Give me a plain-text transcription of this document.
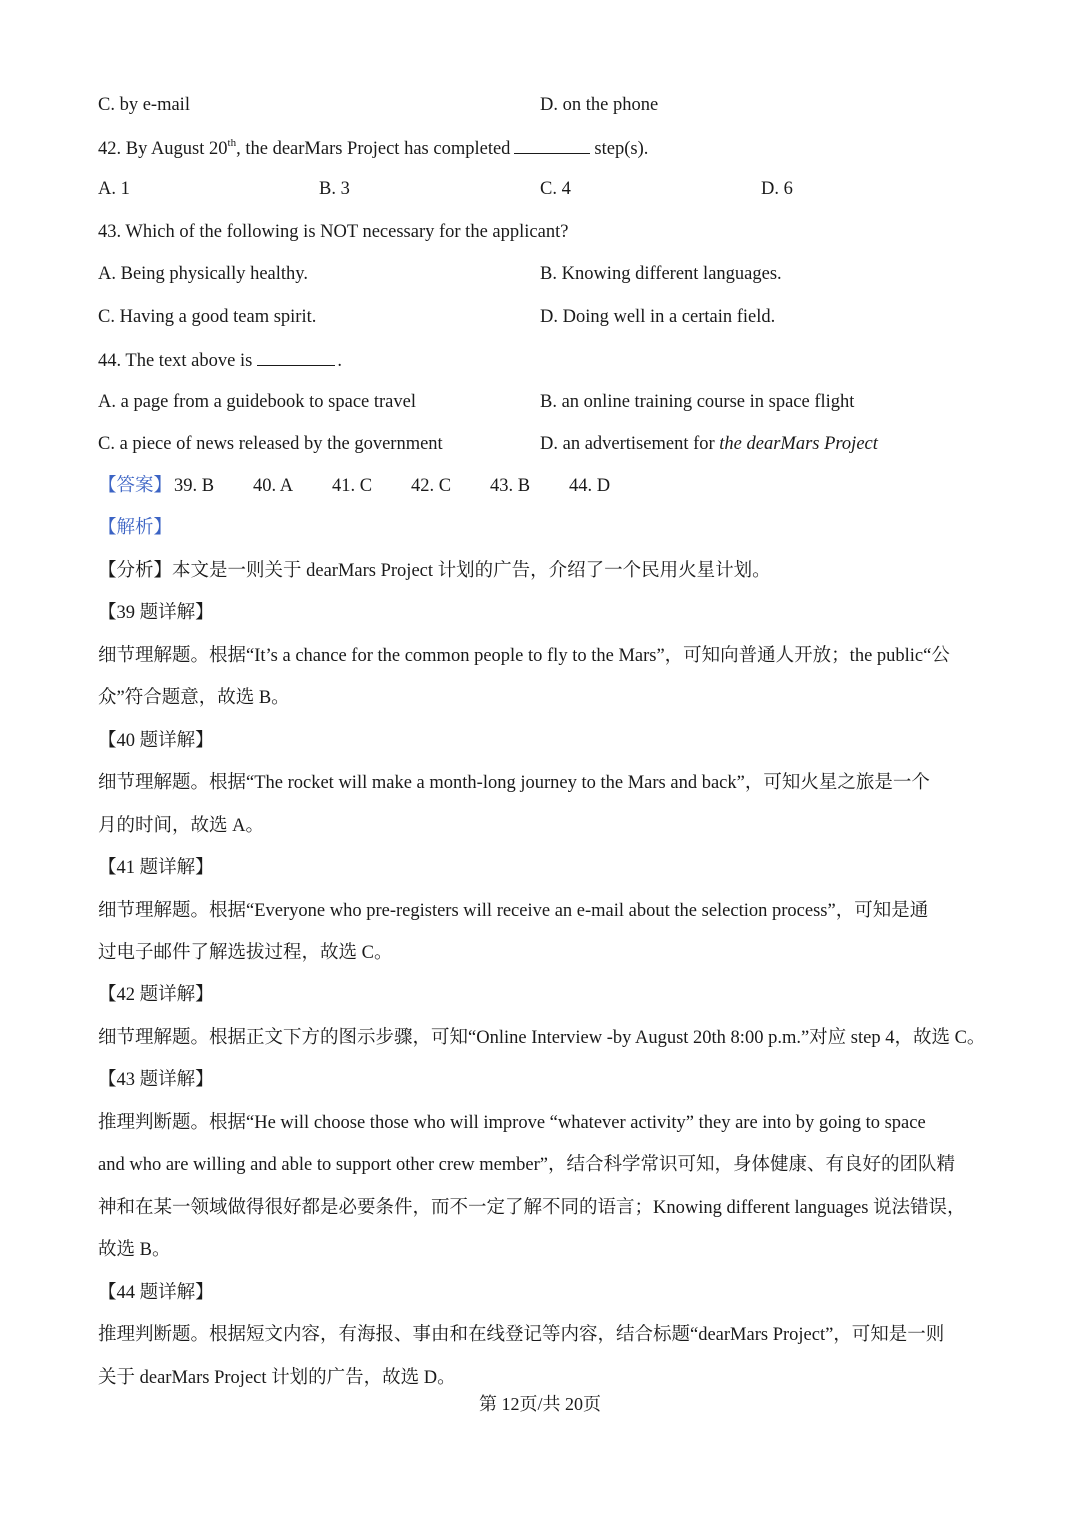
C. by e-mail	D. on the phone
42. By August 20th, the dearMars Project has completed	step(s).
A. 1	B. 3	C. 4	D. 6
43. Which of the following is NOT necessary for the applicant?
A. Being physically healthy.	B. Knowing different languages.
C. Having a good team spirit.	D. Doing well in a certain field.
44. The text above is	.
A. a page from a guidebook to space travel	B. an online training course in space flight
C. a piece of news released by the government	D. an advertisement for the dearMars Project
【答案】 39. B 40. A 41. C 42. C 43. B 44. D
【解析】
【分析】本文是一则关于 dearMars Project 计划的广告，介绍了一个民用火星计划。
【39 题详解】
细节理解题。根据“It’s a chance for the common people to fly to the Mars”，可知向普通人开放；the public“公
众”符合题意，故选 B。
【40 题详解】
细节理解题。根据“The rocket will make a month-long journey to the Mars and back”，可知火星之旅是一个
月的时间，故选 A。
【41 题详解】
细节理解题。根据“Everyone who pre-registers will receive an e-mail about the selection process”，可知是通
过电子邮件了解选拔过程，故选 C。
【42 题详解】
细节理解题。根据正文下方的图示步骤，可知“Online Interview -by August 20th 8:00 p.m.”对应 step 4，故选 C。
【43 题详解】
推理判断题。根据“He will choose those who will improve “whatever activity” they are into by going to space
and who are willing and able to support other crew member”，结合科学常识可知，身体健康、有良好的团队精
神和在某一领域做得很好都是必要条件，而不一定了解不同的语言；Knowing different languages 说法错误，
故选 B。
【44 题详解】
推理判断题。根据短文内容，有海报、事由和在线登记等内容，结合标题“dearMars Project”，可知是一则
关于 dearMars Project 计划的广告，故选 D。
第 12页/共 20页
